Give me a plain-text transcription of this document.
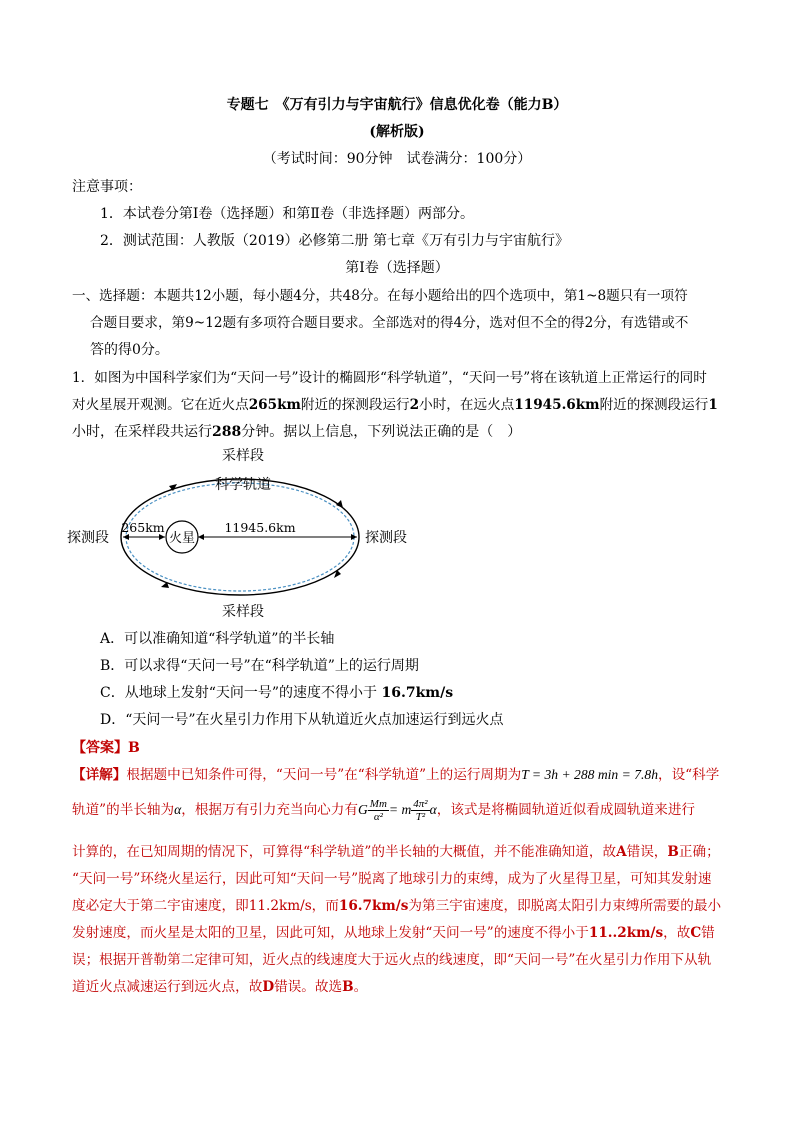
专题七　《万有引力与宇宙航行》信息优化卷（能力B）
(解析版)
（考试时间：90分钟　试卷满分：100分）
注意事项：
1．本试卷分第Ⅰ卷（选择题）和第Ⅱ卷（非选择题）两部分。
2．测试范围：人教版（2019）必修第二册 第七章《万有引力与宇宙航行》
第Ⅰ卷（选择题）
一、选择题：本题共12小题，每小题4分，共48分。在每小题给出的四个选项中，第1~8题只有一项符
合题目要求，第9~12题有多项符合题目要求。全部选对的得4分，选对但不全的得2分，有选错或不
答的得0分。
1．如图为中国科学家们为“天问一号”设计的椭圆形“科学轨道”，“天问一号”将在该轨道上正常运行的同时
对火星展开观测。它在近火点265km附近的探测段运行2小时，在远火点11945.6km附近的探测段运行1
小时，在采样段共运行288分钟。据以上信息，下列说法正确的是（　）
火星
265km	11945.6km
采样段
科学轨道
探测段	探测段
采样段
A．可以准确知道“科学轨道”的半长轴
B．可以求得“天问一号”在“科学轨道”上的运行周期
C．从地球上发射“天问一号”的速度不得小于 16.7km/s
D．“天问一号”在火星引力作用下从轨道近火点加速运行到远火点
【答案】B
【详解】根据题中已知条件可得，“天问一号”在“科学轨道”上的运行周期为T = 3h + 288 min = 7.8h，设“科学
轨道”的半长轴为α，根据万有引力充当向心力有G $\frac{Mm}{\text{α²}} = m \frac{\text{4π²}}{\text{T²}}$ α，该式是将椭圆轨道近似看成圆轨道来进行
计算的，在已知周期的情况下，可算得“科学轨道”的半长轴的大概值，并不能准确知道，故A错误，B正确；
“天问一号”环绕火星运行，因此可知“天问一号”脱离了地球引力的束缚，成为了火星得卫星，可知其发射速
度必定大于第二宇宙速度，即11.2km/s，而16.7km/s为第三宇宙速度，即脱离太阳引力束缚所需要的最小
发射速度，而火星是太阳的卫星，因此可知，从地球上发射“天问一号”的速度不得小于11..2km/s，故C错
误；根据开普勒第二定律可知，近火点的线速度大于远火点的线速度，即“天问一号”在火星引力作用下从轨
道近火点减速运行到远火点，故D错误。故选B。
